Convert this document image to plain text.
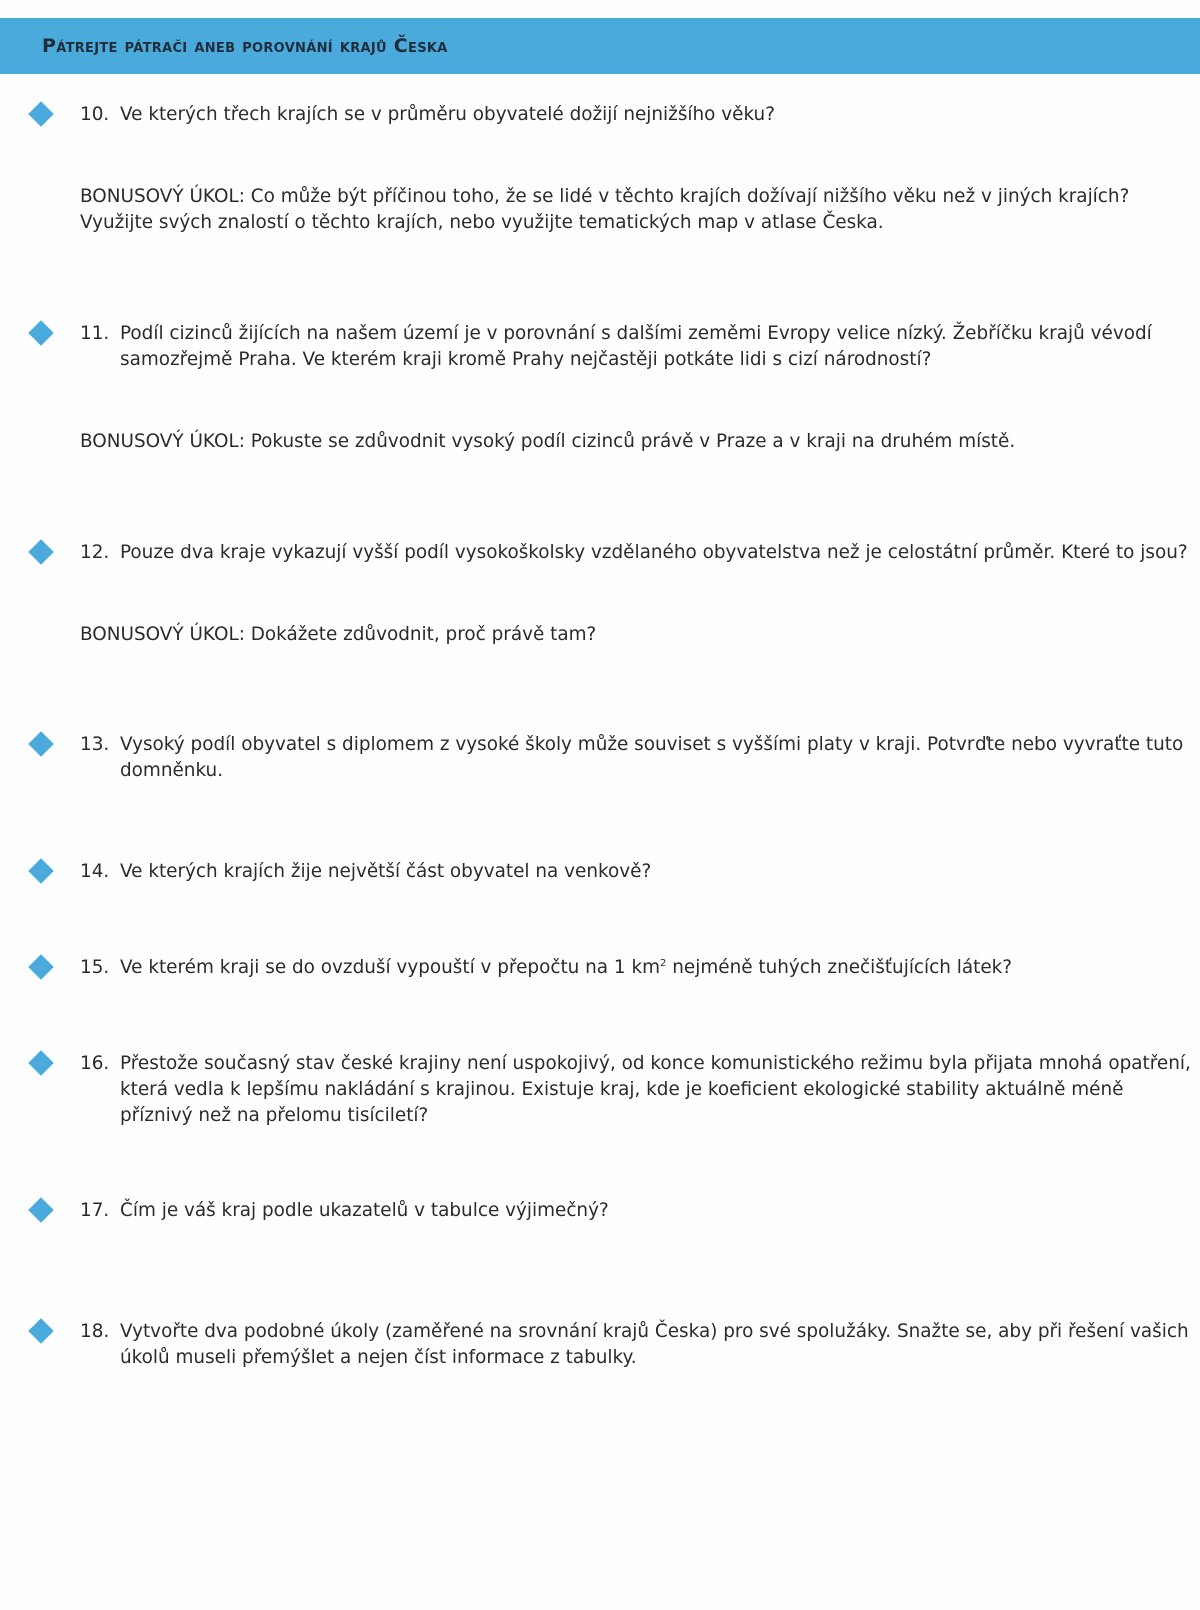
Pátrejte pátrači aneb porovnání krajů Česka
10. Ve kterých třech krajích se v průměru obyvatelé dožijí nejnižšího věku?
BONUSOVÝ ÚKOL: Co může být příčinou toho, že se lidé v těchto krajích dožívají nižšího věku než v jiných krajích?
Využijte svých znalostí o těchto krajích, nebo využijte tematických map v atlase Česka.
11. Podíl cizinců žijících na našem území je v porovnání s dalšími zeměmi Evropy velice nízký. Žebříčku krajů vévodí
samozřejmě Praha. Ve kterém kraji kromě Prahy nejčastěji potkáte lidi s cizí národností?
BONUSOVÝ ÚKOL: Pokuste se zdůvodnit vysoký podíl cizinců právě v Praze a v kraji na druhém místě.
12. Pouze dva kraje vykazují vyšší podíl vysokoškolsky vzdělaného obyvatelstva než je celostátní průměr. Které to jsou?
BONUSOVÝ ÚKOL: Dokážete zdůvodnit, proč právě tam?
13. Vysoký podíl obyvatel s diplomem z vysoké školy může souviset s vyššími platy v kraji. Potvrďte nebo vyvraťte tuto
domněnku.
14. Ve kterých krajích žije největší část obyvatel na venkově?
15. Ve kterém kraji se do ovzduší vypouští v přepočtu na 1 $km^2$ nejméně tuhých znečišťujících látek?
16. Přestože současný stav české krajiny není uspokojivý, od konce komunistického režimu byla přijata mnohá opatření,
která vedla k lepšímu nakládání s krajinou. Existuje kraj, kde je koeficient ekologické stability aktuálně méně
příznivý než na přelomu tisíciletí?
17. Čím je váš kraj podle ukazatelů v tabulce výjimečný?
18. Vytvořte dva podobné úkoly (zaměřené na srovnání krajů Česka) pro své spolužáky. Snažte se, aby při řešení vašich
úkolů museli přemýšlet a nejen číst informace z tabulky.
